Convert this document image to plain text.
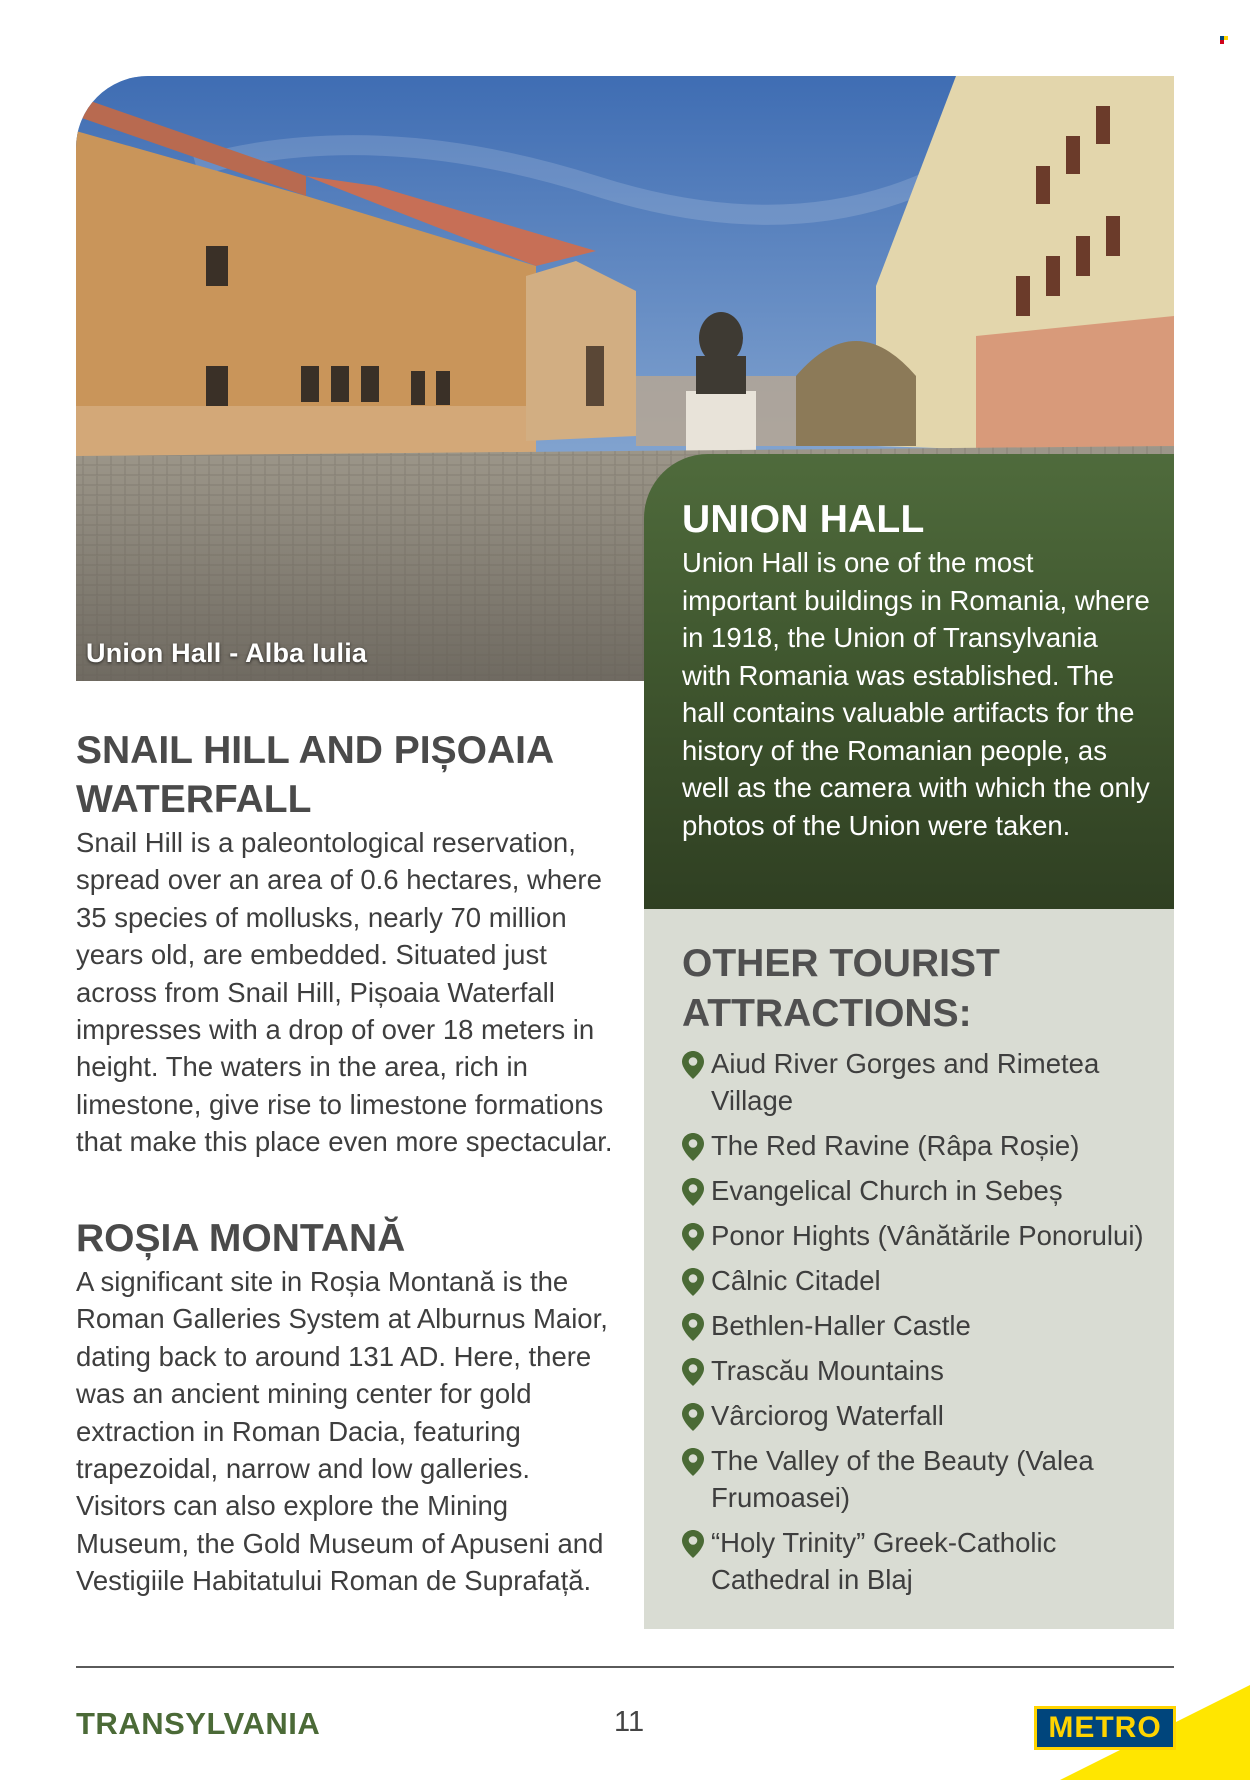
Union Hall - Alba Iulia
UNION HALL

Union Hall is one of the most important buildings in Romania, where in 1918, the Union of Transylvania with Romania was established. The hall contains valuable artifacts for the history of the Romanian people, as well as the camera with which the only photos of the Union were taken.

OTHER TOURIST ATTRACTIONS:
Aiud River Gorges and Rimetea Village
The Red Ravine (Râpa Roșie)
Evangelical Church in Sebeș
Ponor Hights (Vânătările Ponorului)
Câlnic Citadel
Bethlen-Haller Castle
Trascău Mountains
Vârciorog Waterfall
The Valley of the Beauty (Valea Frumoasei)
“Holy Trinity” Greek-Catholic Cathedral in Blaj
SNAIL HILL AND PIȘOAIA WATERFALL

Snail Hill is a paleontological reservation, spread over an area of 0.6 hectares, where 35 species of mollusks, nearly 70 million years old, are embedded. Situated just across from Snail Hill, Pișoaia Waterfall impresses with a drop of over 18 meters in height. The waters in the area, rich in limestone, give rise to limestone formations that make this place even more spectacular.

ROȘIA MONTANĂ

A significant site in Roșia Montană is the Roman Galleries System at Alburnus Maior, dating back to around 131 AD. Here, there was an ancient mining center for gold extraction in Roman Dacia, featuring trapezoidal, narrow and low galleries. Visitors can also explore the Mining Museum, the Gold Museum of Apuseni and Vestigiile Habitatului Roman de Suprafață.

TRANSYLVANIA	11	METRO
